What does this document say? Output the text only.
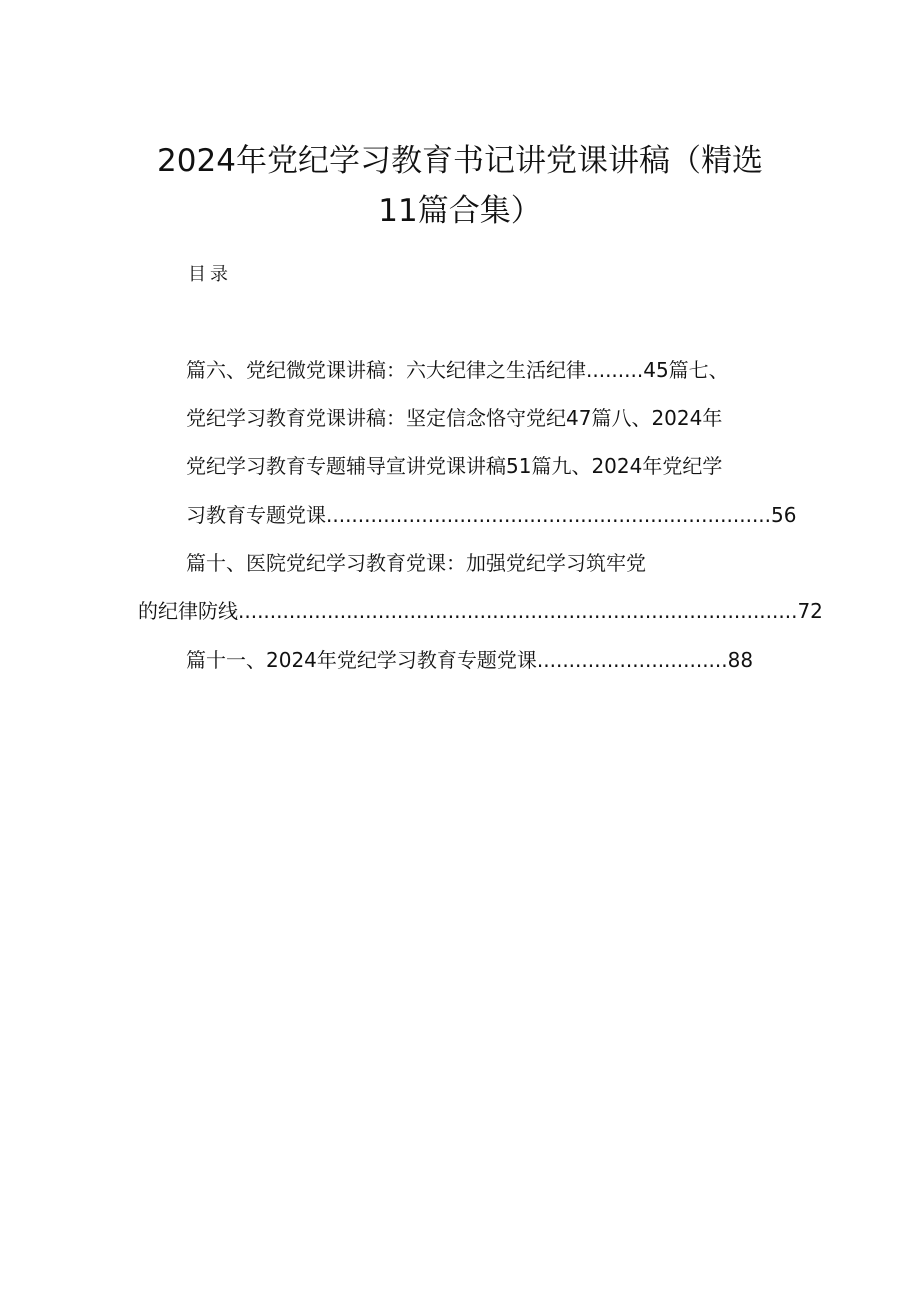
2024年党纪学习教育书记讲党课讲稿（精选
11篇合集）
目录
篇六、党纪微党课讲稿：六大纪律之生活纪律.........45篇七、
党纪学习教育党课讲稿：坚定信念恪守党纪47篇八、2024年
党纪学习教育专题辅导宣讲党课讲稿51篇九、2024年党纪学
习教育专题党课......................................................................56
篇十、医院党纪学习教育党课：加强党纪学习筑牢党
的纪律防线........................................................................................72
篇十一、2024年党纪学习教育专题党课..............................88
